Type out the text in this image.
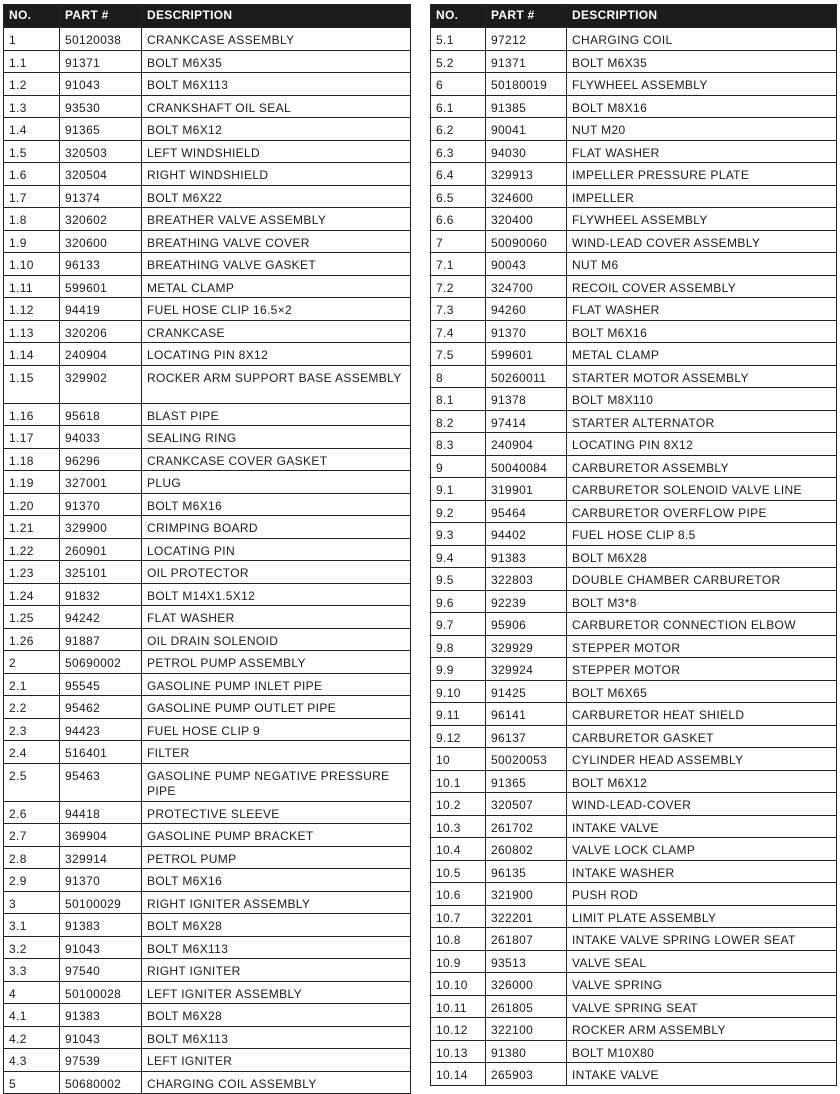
NO.	PART #	DESCRIPTION
1	50120038	CRANKCASE ASSEMBLY
1.1	91371	BOLT M6X35
1.2	91043	BOLT M6X113
1.3	93530	CRANKSHAFT OIL SEAL
1.4	91365	BOLT M6X12
1.5	320503	LEFT WINDSHIELD
1.6	320504	RIGHT WINDSHIELD
1.7	91374	BOLT M6X22
1.8	320602	BREATHER VALVE ASSEMBLY
1.9	320600	BREATHING VALVE COVER
1.10	96133	BREATHING VALVE GASKET
1.11	599601	METAL CLAMP
1.12	94419	FUEL HOSE CLIP 16.5×2
1.13	320206	CRANKCASE
1.14	240904	LOCATING PIN 8X12
1.15	329902	ROCKER ARM SUPPORT BASE ASSEMBLY
1.16	95618	BLAST PIPE
1.17	94033	SEALING RING
1.18	96296	CRANKCASE COVER GASKET
1.19	327001	PLUG
1.20	91370	BOLT M6X16
1.21	329900	CRIMPING BOARD
1.22	260901	LOCATING PIN
1.23	325101	OIL PROTECTOR
1.24	91832	BOLT M14X1.5X12
1.25	94242	FLAT WASHER
1.26	91887	OIL DRAIN SOLENOID
2	50690002	PETROL PUMP ASSEMBLY
2.1	95545	GASOLINE PUMP INLET PIPE
2.2	95462	GASOLINE PUMP OUTLET PIPE
2.3	94423	FUEL HOSE CLIP 9
2.4	516401	FILTER
2.5	95463	GASOLINE PUMP NEGATIVE PRESSURE PIPE
2.6	94418	PROTECTIVE SLEEVE
2.7	369904	GASOLINE PUMP BRACKET
2.8	329914	PETROL PUMP
2.9	91370	BOLT M6X16
3	50100029	RIGHT IGNITER ASSEMBLY
3.1	91383	BOLT M6X28
3.2	91043	BOLT M6X113
3.3	97540	RIGHT IGNITER
4	50100028	LEFT IGNITER ASSEMBLY
4.1	91383	BOLT M6X28
4.2	91043	BOLT M6X113
4.3	97539	LEFT IGNITER
5	50680002	CHARGING COIL ASSEMBLY
NO.	PART #	DESCRIPTION
5.1	97212	CHARGING COIL
5.2	91371	BOLT M6X35
6	50180019	FLYWHEEL ASSEMBLY
6.1	91385	BOLT M8X16
6.2	90041	NUT M20
6.3	94030	FLAT WASHER
6.4	329913	IMPELLER PRESSURE PLATE
6.5	324600	IMPELLER
6.6	320400	FLYWHEEL ASSEMBLY
7	50090060	WIND-LEAD COVER ASSEMBLY
7.1	90043	NUT M6
7.2	324700	RECOIL COVER ASSEMBLY
7.3	94260	FLAT WASHER
7.4	91370	BOLT M6X16
7.5	599601	METAL CLAMP
8	50260011	STARTER MOTOR ASSEMBLY
8.1	91378	BOLT M8X110
8.2	97414	STARTER ALTERNATOR
8.3	240904	LOCATING PIN 8X12
9	50040084	CARBURETOR ASSEMBLY
9.1	319901	CARBURETOR SOLENOID VALVE LINE
9.2	95464	CARBURETOR OVERFLOW PIPE
9.3	94402	FUEL HOSE CLIP 8.5
9.4	91383	BOLT M6X28
9.5	322803	DOUBLE CHAMBER CARBURETOR
9.6	92239	BOLT M3*8
9.7	95906	CARBURETOR CONNECTION ELBOW
9.8	329929	STEPPER MOTOR
9.9	329924	STEPPER MOTOR
9.10	91425	BOLT M6X65
9.11	96141	CARBURETOR HEAT SHIELD
9.12	96137	CARBURETOR GASKET
10	50020053	CYLINDER HEAD ASSEMBLY
10.1	91365	BOLT M6X12
10.2	320507	WIND-LEAD-COVER
10.3	261702	INTAKE VALVE
10.4	260802	VALVE LOCK CLAMP
10.5	96135	INTAKE WASHER
10.6	321900	PUSH ROD
10.7	322201	LIMIT PLATE ASSEMBLY
10.8	261807	INTAKE VALVE SPRING LOWER SEAT
10.9	93513	VALVE SEAL
10.10	326000	VALVE SPRING
10.11	261805	VALVE SPRING SEAT
10.12	322100	ROCKER ARM ASSEMBLY
10.13	91380	BOLT M10X80
10.14	265903	INTAKE VALVE
